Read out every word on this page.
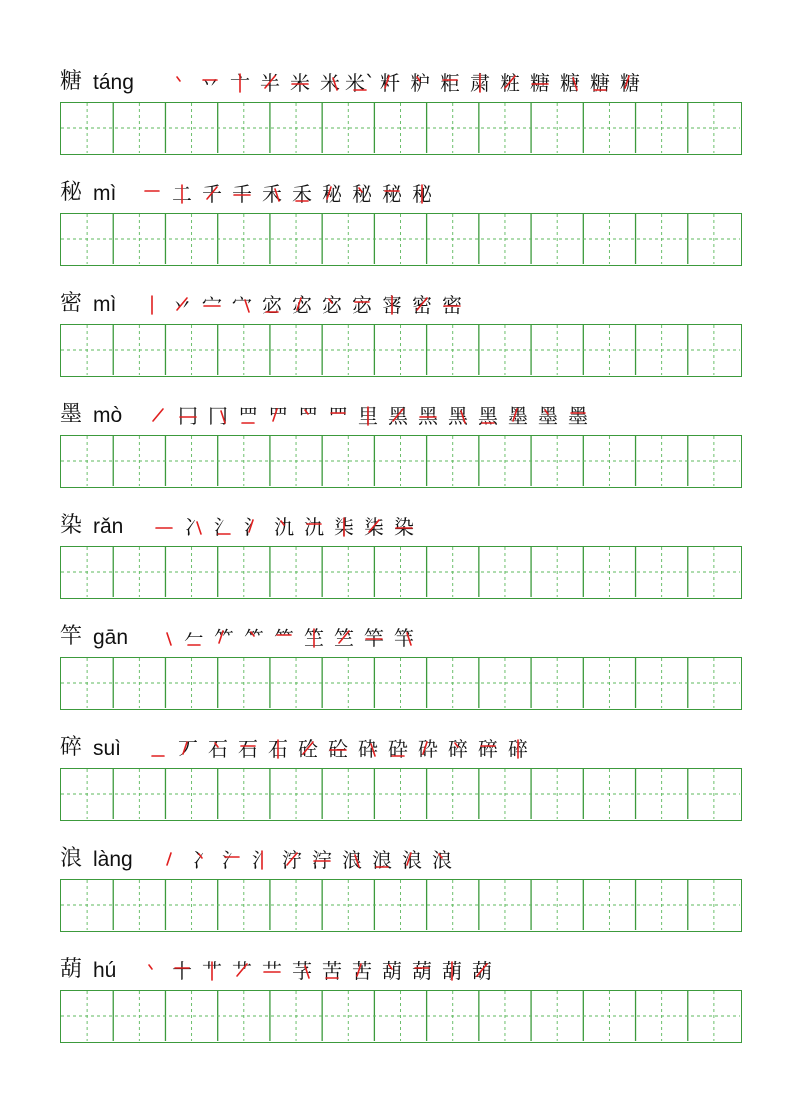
糖 táng	丷 亠 半 米 米 米` 粁 粐 粔 粛 粧 糖 糖 糖 糖
秘 mì	二 千 千 禾 禾 秘 秘 秘 秘
密 mì	丷 宀 宀 宓 宓 宓 宓 宻 密 密
墨 mò	冂 冂 罒 罒 罒 罒 里 黑 黑 黑 黑 墨 墨 墨
染 rǎn	冫 氵 氵 氿 氿 柒 柒 染
竿 gān	𠂉 ⺮ ⺮ ⺮ 竺 竺 竿 竿
碎 suì	丆 石 石 石 砼 砼 砕 砕 砕 碎 碎 碎
浪 làng	冫 氵 氵 泞 泞 浪 浪 浪 浪
葫 hú	十 艹 艹 艹 芓 苦 苦 葫 葫 葫 葫
